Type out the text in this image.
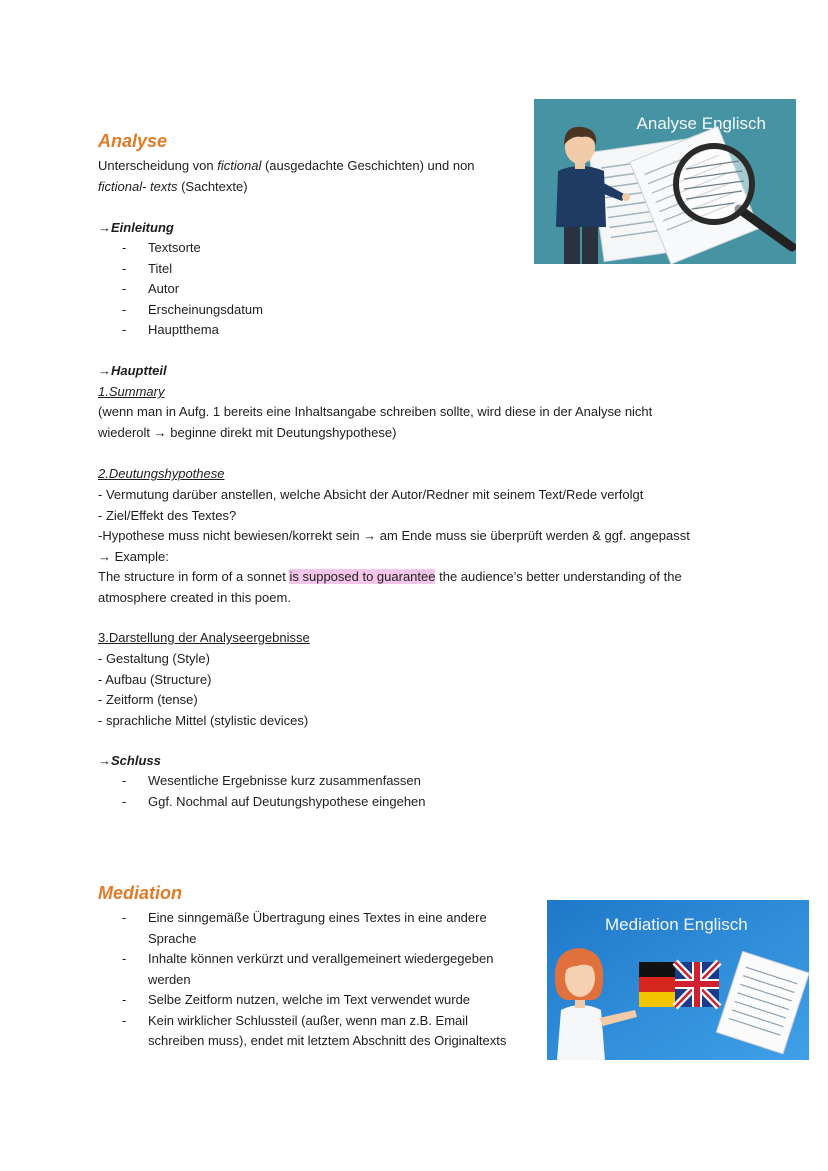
Analyse
Unterscheidung von fictional (ausgedachte Geschichten) und non
fictional- texts (Sachtexte)
→Einleitung
- Textsorte
- Titel
- Autor
- Erscheinungsdatum
- Hauptthema
→Hauptteil
1.Summary
(wenn man in Aufg. 1 bereits eine Inhaltsangabe schreiben sollte, wird diese in der Analyse nicht
wiederolt → beginne direkt mit Deutungshypothese)
2.Deutungshypothese
- Vermutung darüber anstellen, welche Absicht der Autor/Redner mit seinem Text/Rede verfolgt
- Ziel/Effekt des Textes?
-Hypothese muss nicht bewiesen/korrekt sein → am Ende muss sie überprüft werden & ggf. angepasst
→ Example:
The structure in form of a sonnet is supposed to guarantee the audience’s better understanding of the
atmosphere created in this poem.
3.Darstellung der Analyseergebnisse
- Gestaltung (Style)
- Aufbau (Structure)
- Zeitform (tense)
- sprachliche Mittel (stylistic devices)
→Schluss
- Wesentliche Ergebnisse kurz zusammenfassen
- Ggf. Nochmal auf Deutungshypothese eingehen
Analyse Englisch
Mediation
- Eine sinngemäße Übertragung eines Textes in eine andere
Sprache
- Inhalte können verkürzt und verallgemeinert wiedergegeben
werden
- Selbe Zeitform nutzen, welche im Text verwendet wurde
- Kein wirklicher Schlussteil (außer, wenn man z.B. Email
schreiben muss), endet mit letztem Abschnitt des Originaltexts
Mediation Englisch
